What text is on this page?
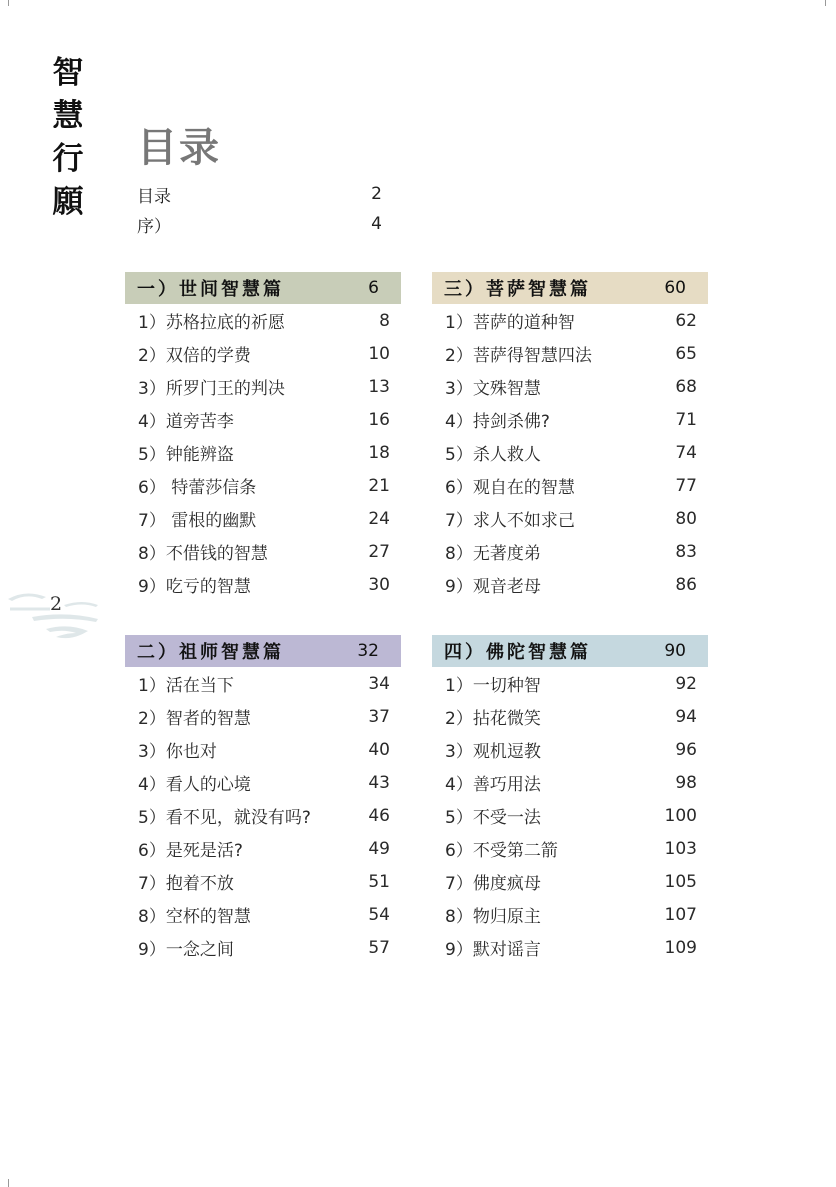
智
慧
行
願
2
目录
目录	2
序）	4
一）世间智慧篇	6
1）苏格拉底的祈愿	8
2）双倍的学费	10
3）所罗门王的判决	13
4）道旁苦李	16
5）钟能辨盗	18
6） 特蕾莎信条	21
7） 雷根的幽默	24
8）不借钱的智慧	27
9）吃亏的智慧	30
三）菩萨智慧篇	60
1）菩萨的道种智	62
2）菩萨得智慧四法	65
3）文殊智慧	68
4）持剑杀佛?	71
5）杀人救人	74
6）观自在的智慧	77
7）求人不如求己	80
8）无著度弟	83
9）观音老母	86
二）祖师智慧篇	32
1）活在当下	34
2）智者的智慧	37
3）你也对	40
4）看人的心境	43
5）看不见，就没有吗?	46
6）是死是活?	49
7）抱着不放	51
8）空杯的智慧	54
9）一念之间	57
四）佛陀智慧篇	90
1）一切种智	92
2）拈花微笑	94
3）观机逗教	96
4）善巧用法	98
5）不受一法	100
6）不受第二箭	103
7）佛度疯母	105
8）物归原主	107
9）默对谣言	109
